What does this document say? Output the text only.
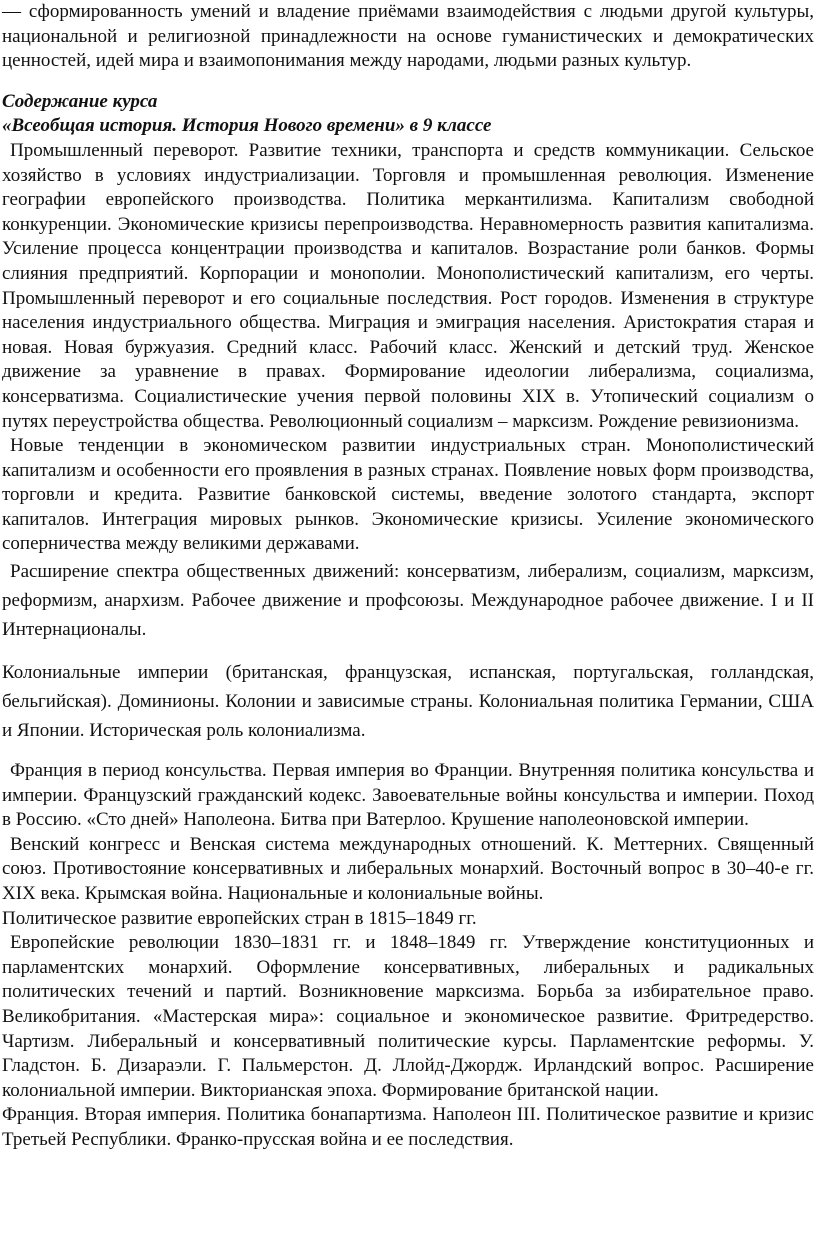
— сформированность умений и владение приёмами взаимодействия с людьми другой культуры, национальной и религиозной принадлежности на основе гуманистических и демократических ценностей, идей мира и взаимопонимания между народами, людьми разных культур.

Содержание курса

«Всеобщая история. История Нового времени» в 9 классе

Промышленный переворот. Развитие техники, транспорта и средств коммуникации. Сельское хозяйство в условиях индустриализации. Торговля и промышленная революция. Изменение географии европейского производства. Политика меркантилизма. Капитализм свободной конкуренции. Экономические кризисы перепроизводства. Неравномерность развития капитализма. Усиление процесса концентрации производства и капиталов. Возрастание роли банков. Формы слияния предприятий. Корпорации и монополии. Монополистический капитализм, его черты. Промышленный переворот и его социальные последствия. Рост городов. Изменения в структуре населения индустриального общества. Миграция и эмиграция населения. Аристократия старая и новая. Новая буржуазия. Средний класс. Рабочий класс. Женский и детский труд. Женское движение за уравнение в правах. Формирование идеологии либерализма, социализма, консерватизма. Социалистические учения первой половины XIX в. Утопический социализм о путях переустройства общества. Революционный социализм – марксизм. Рождение ревизионизма.

Новые тенденции в экономическом развитии индустриальных стран. Монополистический капитализм и особенности его проявления в разных странах. Появление новых форм производства, торговли и кредита. Развитие банковской системы, введение золотого стандарта, экспорт капиталов. Интеграция мировых рынков. Экономические кризисы. Усиление экономического соперничества между великими державами.

Расширение спектра общественных движений: консерватизм, либерализм, социализм, марксизм, реформизм, анархизм. Рабочее движение и профсоюзы. Международное рабочее движение. I и II Интернационалы.

Колониальные империи (британская, французская, испанская, португальская, голландская, бельгийская). Доминионы. Колонии и зависимые страны. Колониальная политика Германии, США и Японии. Историческая роль колониализма.

Франция в период консульства. Первая империя во Франции. Внутренняя политика консульства и империи. Французский гражданский кодекс. Завоевательные войны консульства и империи. Поход в Россию. «Сто дней» Наполеона. Битва при Ватерлоо. Крушение наполеоновской империи.

Венский конгресс и Венская система международных отношений. К. Меттерних. Священный союз. Противостояние консервативных и либеральных монархий. Восточный вопрос в 30–40-е гг. XIX века. Крымская война. Национальные и колониальные войны.

Политическое развитие европейских стран в 1815–1849 гг.

Европейские революции 1830–1831 гг. и 1848–1849 гг. Утверждение конституционных и парламентских монархий. Оформление консервативных, либеральных и радикальных политических течений и партий. Возникновение марксизма. Борьба за избирательное право. Великобритания. «Мастерская мира»: социальное и экономическое развитие. Фритредерство. Чартизм. Либеральный и консервативный политические курсы. Парламентские реформы. У. Гладстон. Б. Дизараэли. Г. Пальмерстон. Д. Ллойд-Джордж. Ирландский вопрос. Расширение колониальной империи. Викторианская эпоха. Формирование британской нации.

Франция. Вторая империя. Политика бонапартизма. Наполеон III. Политическое развитие и кризис Третьей Республики. Франко-прусская война и ее последствия.
